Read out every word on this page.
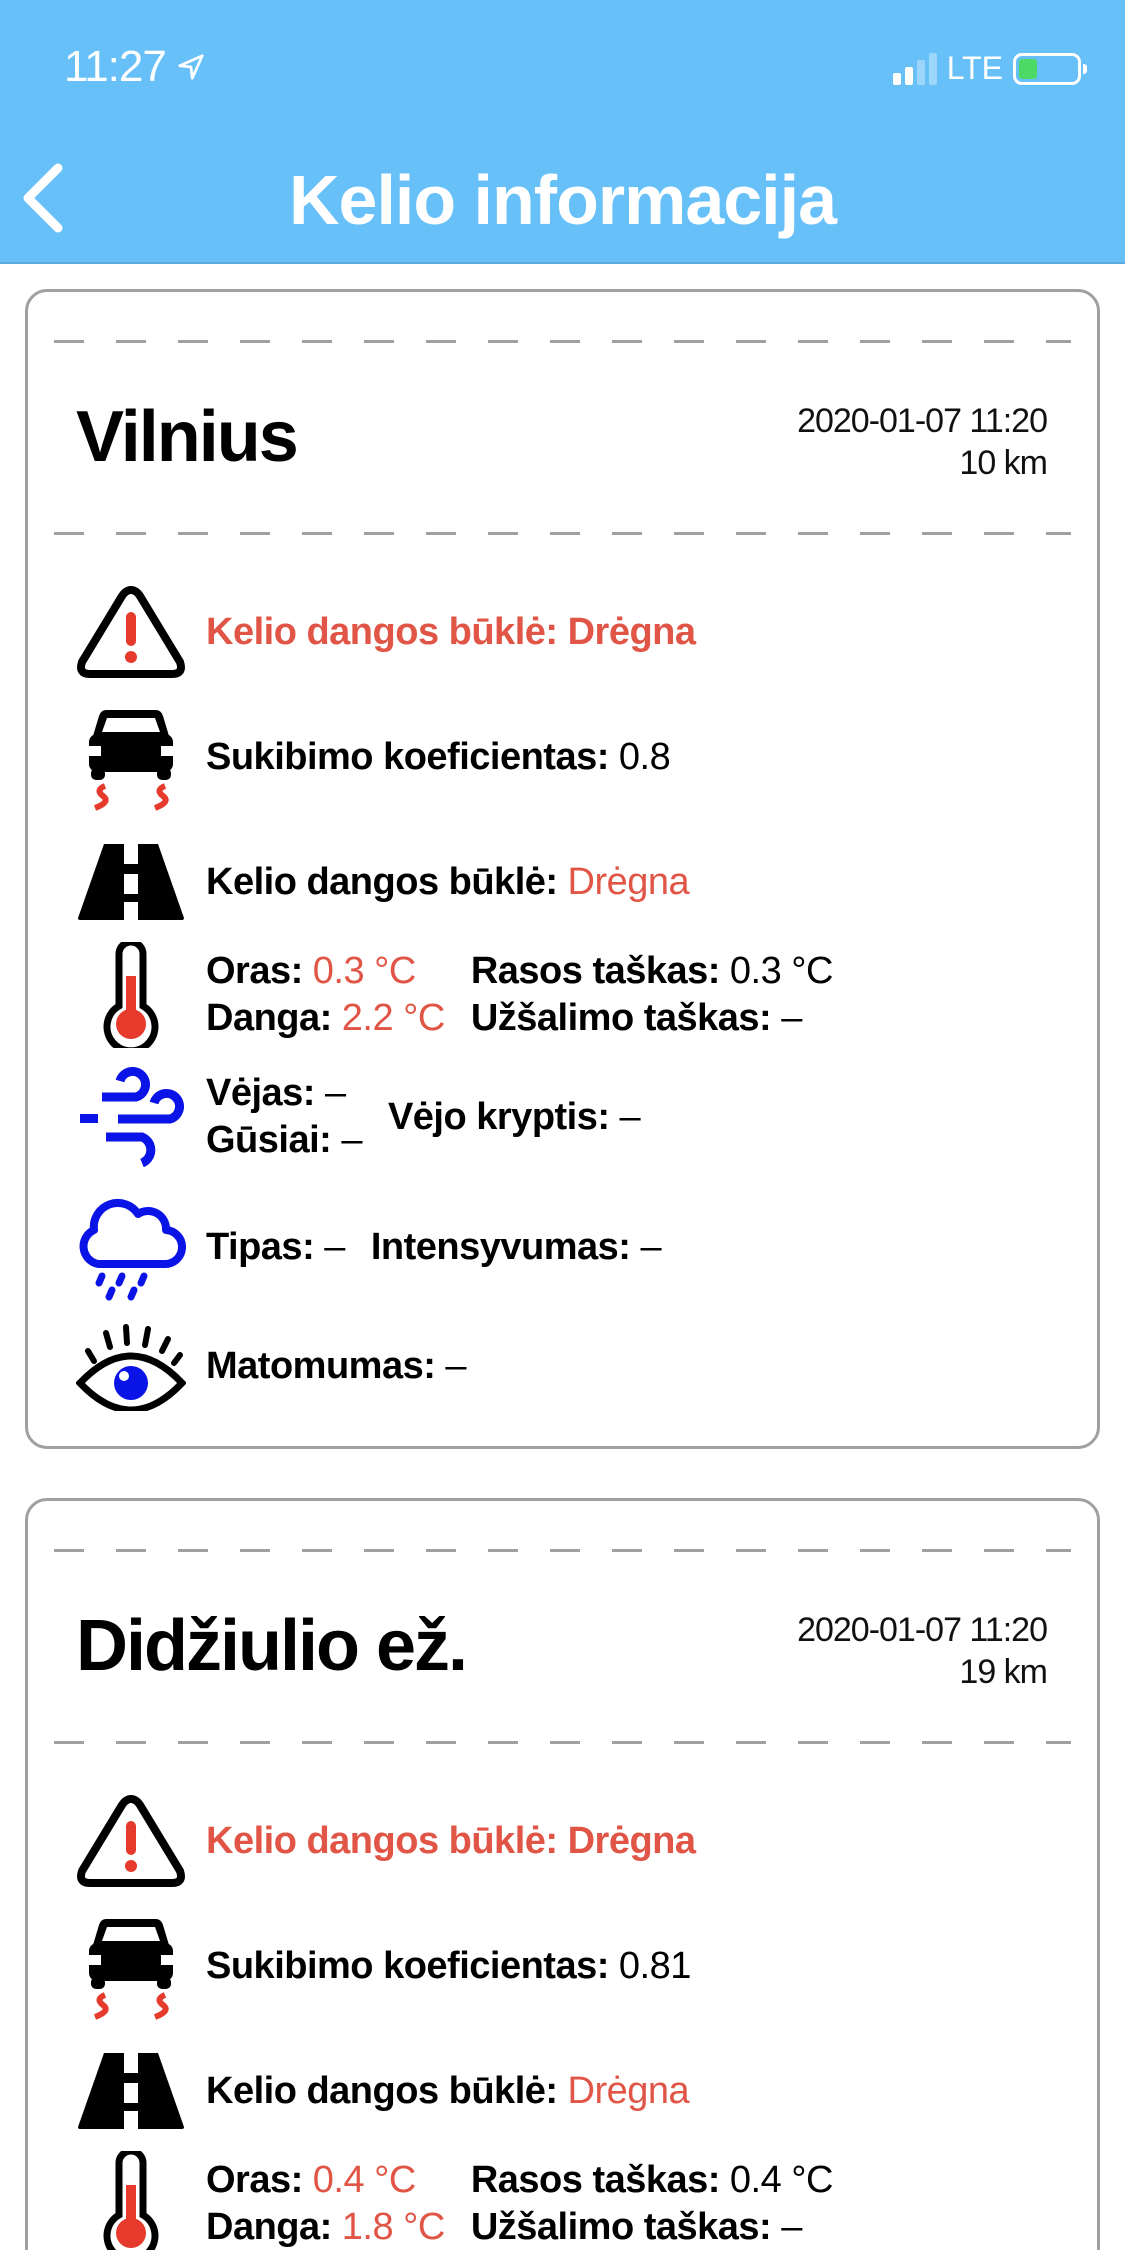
11:27	LTE
Kelio informacija
Vilnius	2020-01-07 11:20
10 km
Kelio dangos būklė: Drėgna
Sukibimo koeficientas: 0.8
Kelio dangos būklė: Drėgna
Oras: 0.3 °C	Rasos taškas: 0.3 °C
Danga: 2.2 °C Užšalimo taškas: –
Vėjas: –
Gūsiai: –
Vėjo kryptis: –
Tipas: – Intensyvumas: –
Matomumas: –
Didžiulio ež.	2020-01-07 11:20
19 km
Kelio dangos būklė: Drėgna
Sukibimo koeficientas: 0.81
Kelio dangos būklė: Drėgna
Oras: 0.4 °C	Rasos taškas: 0.4 °C
Danga: 1.8 °C Užšalimo taškas: –
